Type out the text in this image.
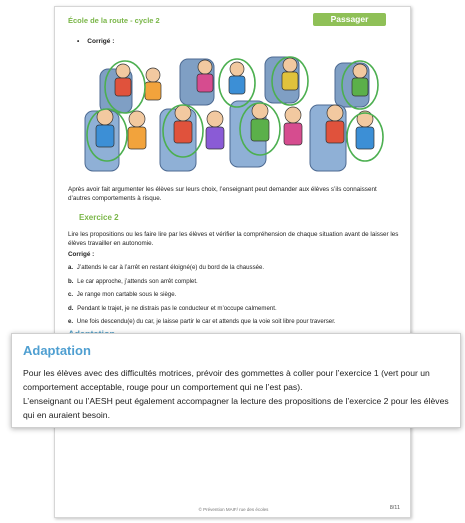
École de la route - cycle 2	Passager
• Corrigé :

Après avoir fait argumenter les élèves sur leurs choix, l’enseignant peut demander aux élèves s’ils connaissent d’autres comportements à risque.

Exercice 2

Lire les propositions ou les faire lire par les élèves et vérifier la compréhension de chaque situation avant de laisser les élèves travailler en autonomie.

Corrigé :
a. J’attends le car à l’arrêt en restant éloigné(e) du bord de la chaussée.
b. Le car approche, j’attends son arrêt complet.
c. Je range mon cartable sous le siège.
d. Pendant le trajet, je ne distrais pas le conducteur et m’occupe calmement.
e. Une fois descendu(e) du car, je laisse partir le car et attends que la voie soit libre pour traverser.
© Prévention MAIF/ rue des écoles	8/11
Adaptation

Pour les élèves avec des difficultés motrices, prévoir des gommettes à coller pour l’exercice 1 (vert pour un comportement acceptable, rouge pour un comportement qui ne l’est pas).

L’enseignant ou l’AESH peut également accompagner la lecture des propositions de l’exercice 2 pour les élèves qui en auraient besoin.
